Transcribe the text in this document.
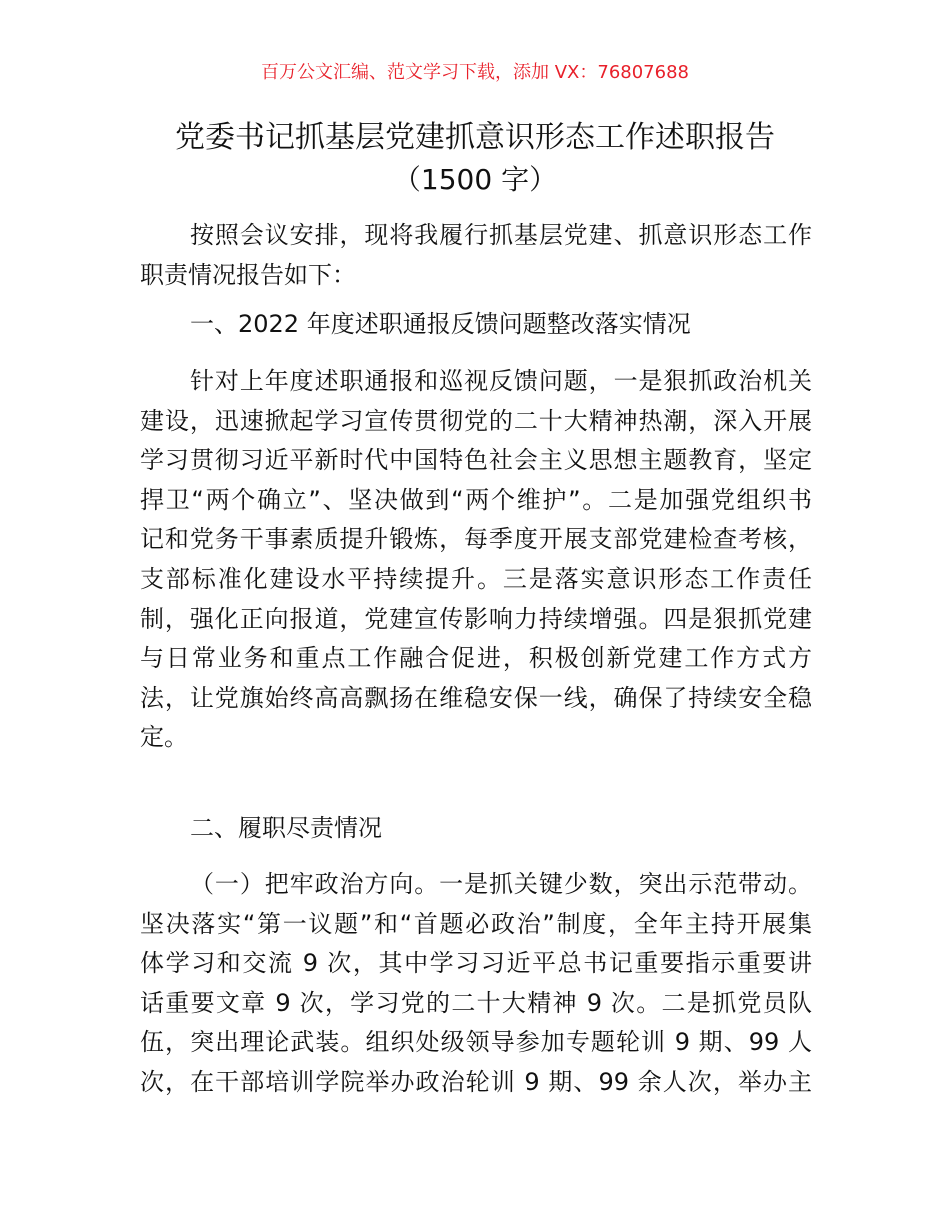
百万公文汇编、范文学习下载，添加 VX：76807688
党委书记抓基层党建抓意识形态工作述职报告
（1500 字）
按照会议安排，现将我履行抓基层党建、抓意识形态工作
职责情况报告如下：
一、2022 年度述职通报反馈问题整改落实情况
针对上年度述职通报和巡视反馈问题，一是狠抓政治机关
建设，迅速掀起学习宣传贯彻党的二十大精神热潮，深入开展
学习贯彻习近平新时代中国特色社会主义思想主题教育，坚定
捍卫“两个确立”、坚决做到“两个维护”。二是加强党组织书
记和党务干事素质提升锻炼，每季度开展支部党建检查考核，
支部标准化建设水平持续提升。三是落实意识形态工作责任
制，强化正向报道，党建宣传影响力持续增强。四是狠抓党建
与日常业务和重点工作融合促进，积极创新党建工作方式方
法，让党旗始终高高飘扬在维稳安保一线，确保了持续安全稳
定。
二、履职尽责情况
（一）把牢政治方向。一是抓关键少数，突出示范带动。
坚决落实“第一议题”和“首题必政治”制度，全年主持开展集
体学习和交流 9 次，其中学习习近平总书记重要指示重要讲
话重要文章 9 次，学习党的二十大精神 9 次。二是抓党员队
伍，突出理论武装。组织处级领导参加专题轮训 9 期、99 人
次，在干部培训学院举办政治轮训 9 期、99 余人次，举办主
